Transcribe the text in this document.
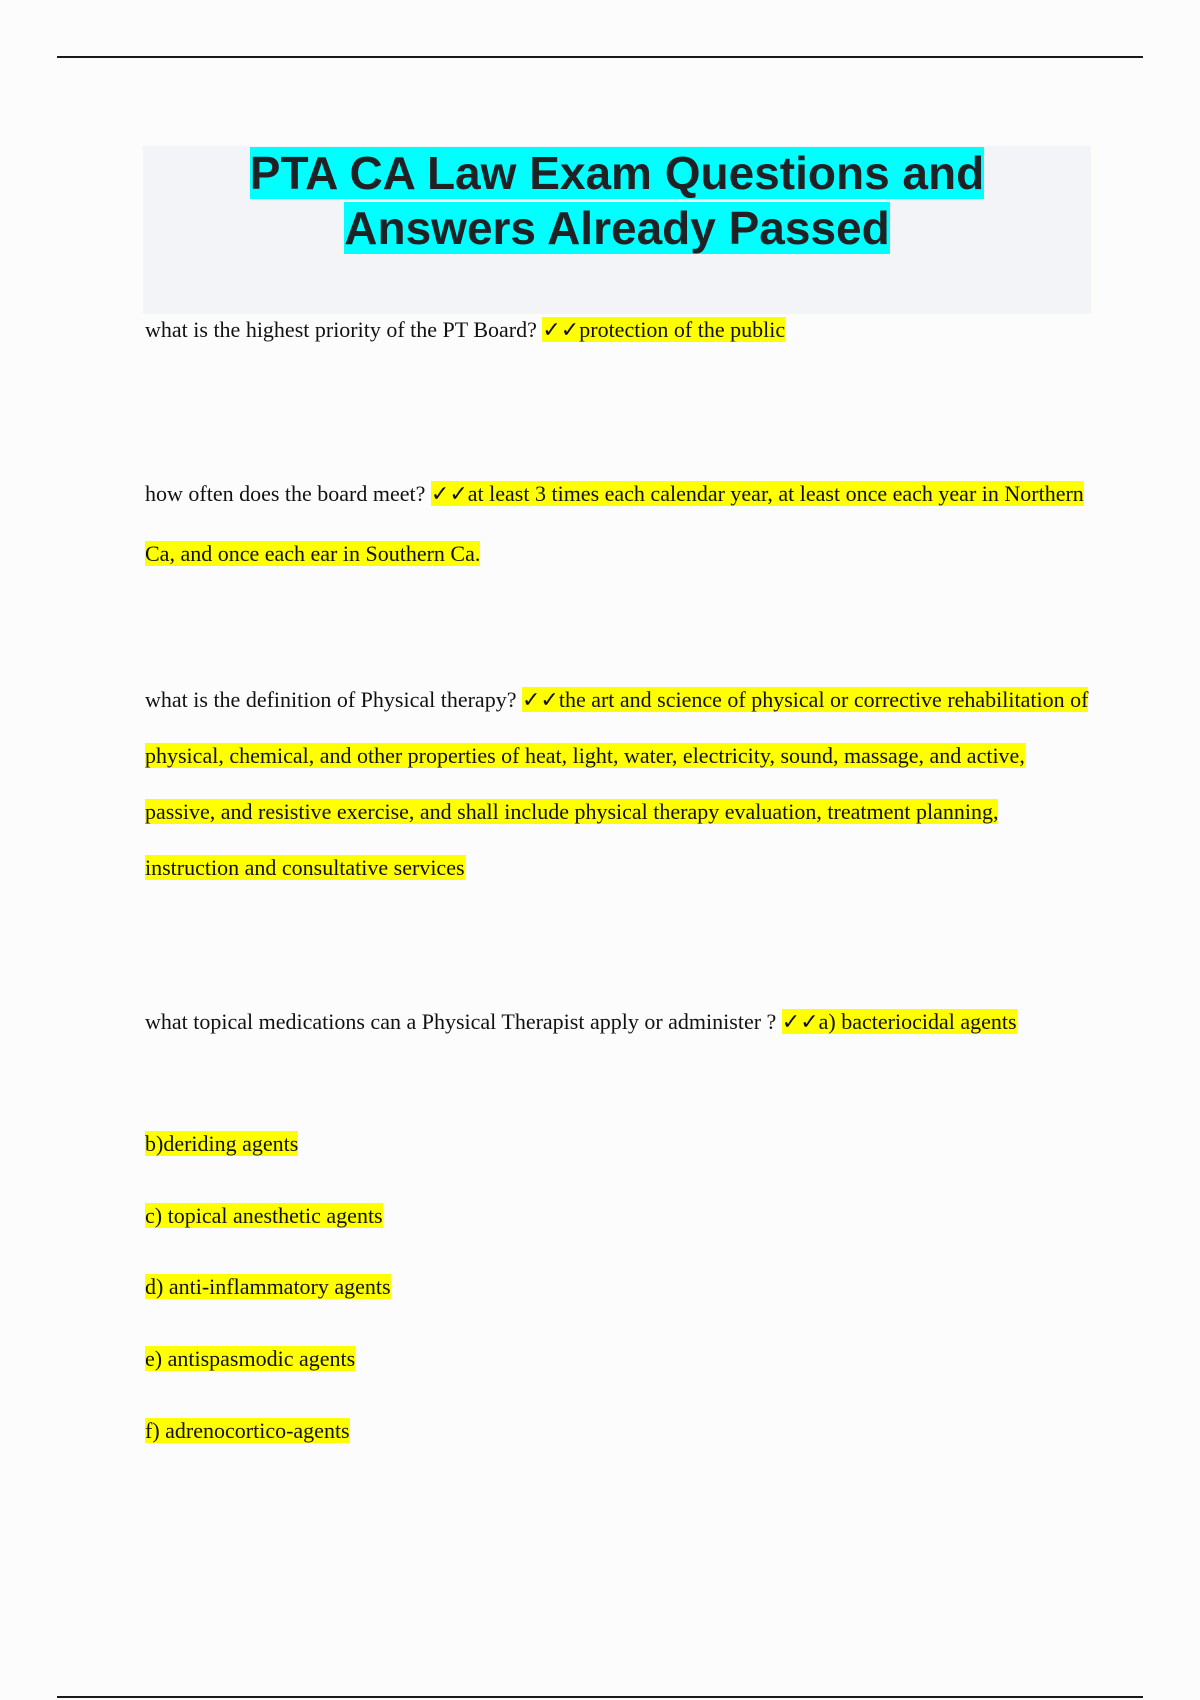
PTA CA Law Exam Questions and
Answers Already Passed

what is the highest priority of the PT Board? ✓✓protection of the public

how often does the board meet? ✓✓at least 3 times each calendar year, at least once each year in Northern Ca, and once each ear in Southern Ca.

what is the definition of Physical therapy? ✓✓the art and science of physical or corrective rehabilitation of physical, chemical, and other properties of heat, light, water, electricity, sound, massage, and active, passive, and resistive exercise, and shall include physical therapy evaluation, treatment planning, instruction and consultative services

what topical medications can a Physical Therapist apply or administer ? ✓✓a) bacteriocidal agents

b)deriding agents

c) topical anesthetic agents

d) anti-inflammatory agents

e) antispasmodic agents

f) adrenocortico-agents
